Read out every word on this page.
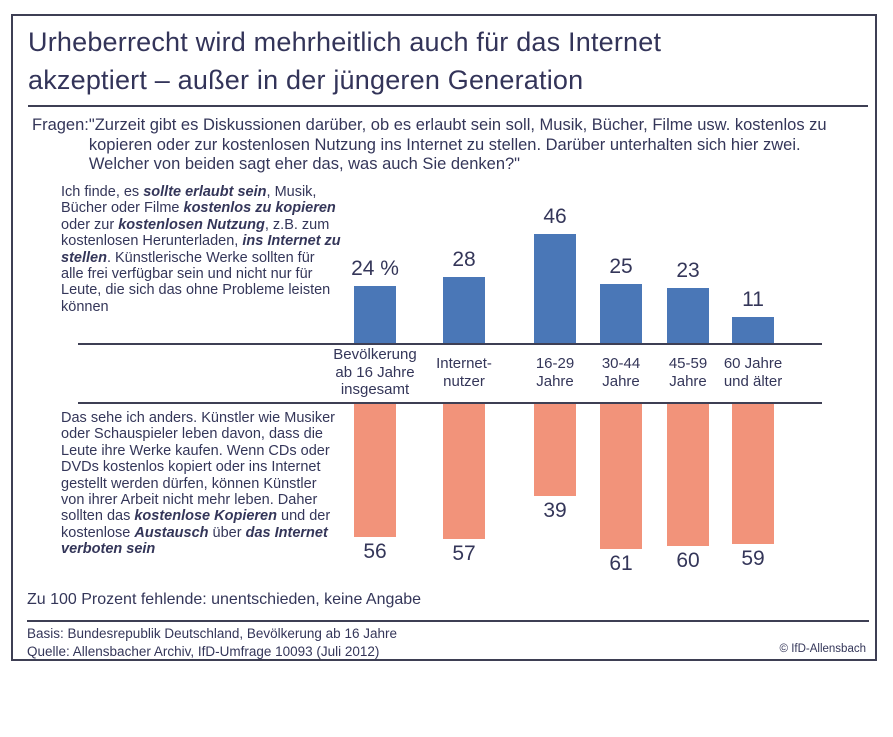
Urheberrecht wird mehrheitlich auch für das Internet
akzeptiert – außer in der jüngeren Generation
Fragen: "Zurzeit gibt es Diskussionen darüber, ob es erlaubt sein soll, Musik, Bücher, Filme usw. kostenlos zu kopieren oder zur kostenlosen Nutzung ins Internet zu stellen. Darüber unterhalten sich hier zwei. Welcher von beiden sagt eher das, was auch Sie denken?"

Ich finde, es sollte erlaubt sein, Musik, Bücher oder Filme kostenlos zu kopieren oder zur kostenlosen Nutzung, z.B. zum kostenlosen Herunterladen, ins Internet zu stellen. Künstlerische Werke sollten für alle frei verfügbar sein und nicht nur für Leute, die sich das ohne Probleme leisten können

Das sehe ich anders. Künstler wie Musiker oder Schauspieler leben davon, dass die Leute ihre Werke kaufen. Wenn CDs oder DVDs kostenlos kopiert oder ins Internet gestellt werden dürfen, können Künstler von ihrer Arbeit nicht mehr leben. Daher sollten das kostenlose Kopieren und der kostenlose Austausch über das Internet verboten sein

24 %
56
Bevölkerung
ab 16 Jahre
insgesamt
28
57
Internet-
nutzer
46
39
16-29
Jahre
25
61
30-44
Jahre
23
60
45-59
Jahre
11
59
60 Jahre
und älter

Zu 100 Prozent fehlende: unentschieden, keine Angabe

Basis: Bundesrepublik Deutschland, Bevölkerung ab 16 Jahre

Quelle: Allensbacher Archiv, IfD-Umfrage 10093 (Juli 2012)	© IfD-Allensbach
